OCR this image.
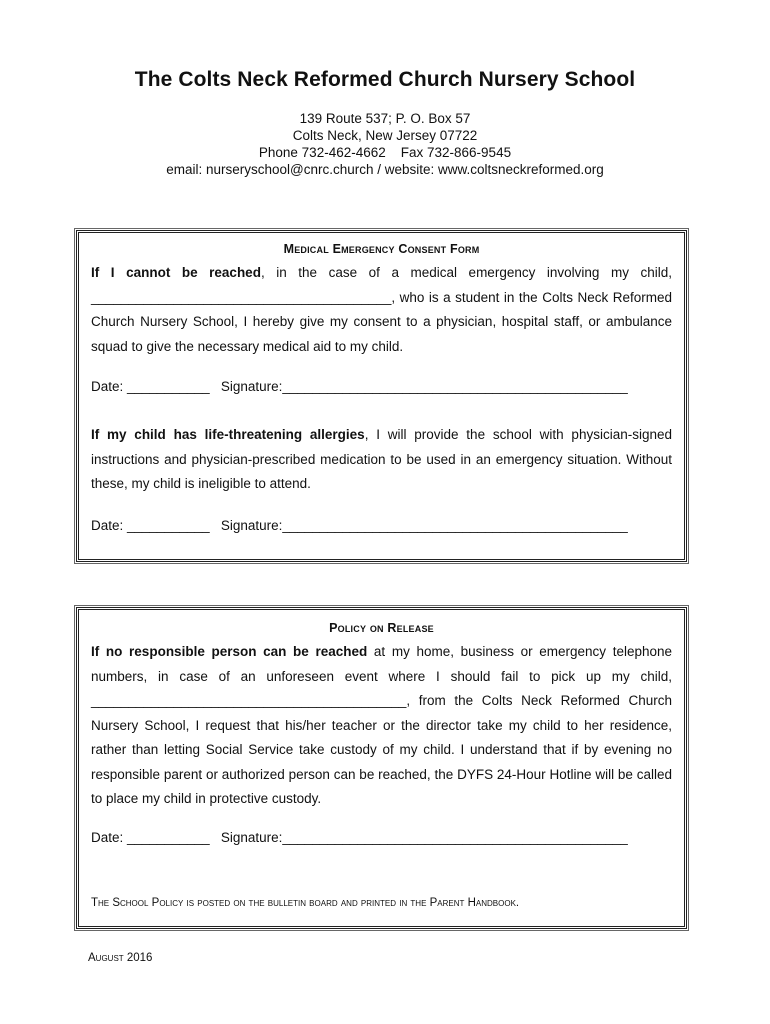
The Colts Neck Reformed Church Nursery School
139 Route 537; P. O. Box 57
Colts Neck, New Jersey 07722
Phone 732-462-4662    Fax 732-866-9545
email: nurseryschool@cnrc.church / website: www.coltsneckreformed.org
Medical Emergency Consent Form
If I cannot be reached, in the case of a medical emergency involving my child, ________________________________________, who is a student in the Colts Neck Reformed Church Nursery School, I hereby give my consent to a physician, hospital staff, or ambulance squad to give the necessary medical aid to my child.
Date: ___________   Signature:______________________________________________
If my child has life-threatening allergies, I will provide the school with physician-signed instructions and physician-prescribed medication to be used in an emergency situation. Without these, my child is ineligible to attend.
Date: ___________   Signature:______________________________________________
Policy on Release
If no responsible person can be reached at my home, business or emergency telephone numbers, in case of an unforeseen event where I should fail to pick up my child, __________________________________________, from the Colts Neck Reformed Church Nursery School, I request that his/her teacher or the director take my child to her residence, rather than letting Social Service take custody of my child. I understand that if by evening no responsible parent or authorized person can be reached, the DYFS 24-Hour Hotline will be called to place my child in protective custody.
Date: ___________   Signature:______________________________________________
The School Policy is posted on the bulletin board and printed in the Parent Handbook.
August 2016
